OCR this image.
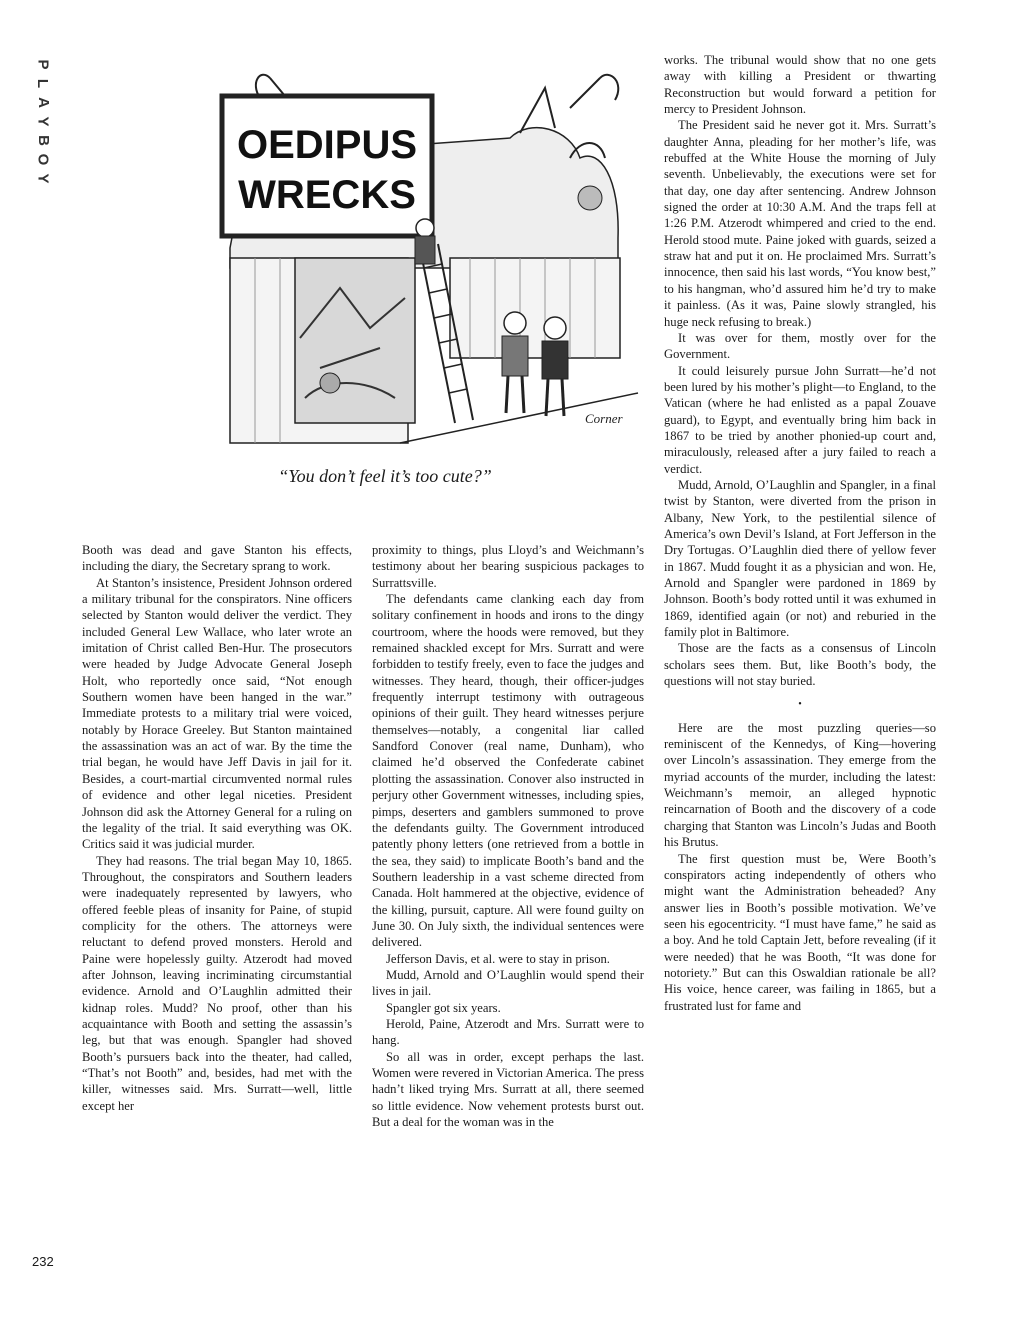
P
L
A
Y
B
O
Y
OEDIPUS
WRECKS
Corner
“You don’t feel it’s too cute?”

Booth was dead and gave Stanton his effects, including the diary, the Secretary sprang to work.

At Stanton’s insistence, President Johnson ordered a military tribunal for the conspirators. Nine officers selected by Stanton would deliver the verdict. They included General Lew Wallace, who later wrote an imitation of Christ called Ben-Hur. The prosecutors were headed by Judge Advocate General Joseph Holt, who reportedly once said, “Not enough Southern women have been hanged in the war.” Immediate protests to a military trial were voiced, notably by Horace Greeley. But Stanton maintained the assassination was an act of war. By the time the trial began, he would have Jeff Davis in jail for it. Besides, a court-martial circumvented normal rules of evidence and other legal niceties. President Johnson did ask the Attorney General for a ruling on the legality of the trial. It said everything was OK. Critics said it was judicial murder.

They had reasons. The trial began May 10, 1865. Throughout, the conspirators and Southern leaders were inadequately represented by lawyers, who offered feeble pleas of insanity for Paine, of stupid complicity for the others. The attorneys were reluctant to defend proved monsters. Herold and Paine were hopelessly guilty. Atzerodt had moved after Johnson, leaving incriminating circumstantial evidence. Arnold and O’Laughlin admitted their kidnap roles. Mudd? No proof, other than his acquaintance with Booth and setting the assassin’s leg, but that was enough. Spangler had shoved Booth’s pursuers back into the theater, had called, “That’s not Booth” and, besides, had met with the killer, witnesses said. Mrs. Surratt—well, little except her

proximity to things, plus Lloyd’s and Weichmann’s testimony about her bearing suspicious packages to Surrattsville.

The defendants came clanking each day from solitary confinement in hoods and irons to the dingy courtroom, where the hoods were removed, but they remained shackled except for Mrs. Surratt and were forbidden to testify freely, even to face the judges and witnesses. They heard, though, their officer-judges frequently interrupt testimony with outrageous opinions of their guilt. They heard witnesses perjure themselves—notably, a congenital liar called Sandford Conover (real name, Dunham), who claimed he’d observed the Confederate cabinet plotting the assassination. Conover also instructed in perjury other Government witnesses, including spies, pimps, deserters and gamblers summoned to prove the defendants guilty. The Government introduced patently phony letters (one retrieved from a bottle in the sea, they said) to implicate Booth’s band and the Southern leadership in a vast scheme directed from Canada. Holt hammered at the objective, evidence of the killing, pursuit, capture. All were found guilty on June 30. On July sixth, the individual sentences were delivered.

Jefferson Davis, et al. were to stay in prison.

Mudd, Arnold and O’Laughlin would spend their lives in jail.

Spangler got six years.

Herold, Paine, Atzerodt and Mrs. Surratt were to hang.

So all was in order, except perhaps the last. Women were revered in Victorian America. The press hadn’t liked trying Mrs. Surratt at all, there seemed so little evidence. Now vehement protests burst out. But a deal for the woman was in the

works. The tribunal would show that no one gets away with killing a President or thwarting Reconstruction but would forward a petition for mercy to President Johnson.

The President said he never got it. Mrs. Surratt’s daughter Anna, pleading for her mother’s life, was rebuffed at the White House the morning of July seventh. Unbelievably, the executions were set for that day, one day after sentencing. Andrew Johnson signed the order at 10:30 A.M. And the traps fell at 1:26 P.M. Atzerodt whimpered and cried to the end. Herold stood mute. Paine joked with guards, seized a straw hat and put it on. He proclaimed Mrs. Surratt’s innocence, then said his last words, “You know best,” to his hangman, who’d assured him he’d try to make it painless. (As it was, Paine slowly strangled, his huge neck refusing to break.)

It was over for them, mostly over for the Government.

It could leisurely pursue John Surratt—he’d not been lured by his mother’s plight—to England, to the Vatican (where he had enlisted as a papal Zouave guard), to Egypt, and eventually bring him back in 1867 to be tried by another phonied-up court and, miraculously, released after a jury failed to reach a verdict.

Mudd, Arnold, O’Laughlin and Spangler, in a final twist by Stanton, were diverted from the prison in Albany, New York, to the pestilential silence of America’s own Devil’s Island, at Fort Jefferson in the Dry Tortugas. O’Laughlin died there of yellow fever in 1867. Mudd fought it as a physician and won. He, Arnold and Spangler were pardoned in 1869 by Johnson. Booth’s body rotted until it was exhumed in 1869, identified again (or not) and reburied in the family plot in Baltimore.

Those are the facts as a consensus of Lincoln scholars sees them. But, like Booth’s body, the questions will not stay buried.

•

Here are the most puzzling queries—so reminiscent of the Kennedys, of King—hovering over Lincoln’s assassination. They emerge from the myriad accounts of the murder, including the latest: Weichmann’s memoir, an alleged hypnotic reincarnation of Booth and the discovery of a code charging that Stanton was Lincoln’s Judas and Booth his Brutus.

The first question must be, Were Booth’s conspirators acting independently of others who might want the Administration beheaded? Any answer lies in Booth’s possible motivation. We’ve seen his egocentricity. “I must have fame,” he said as a boy. And he told Captain Jett, before revealing (if it were needed) that he was Booth, “It was done for notoriety.” But can this Oswaldian rationale be all? His voice, hence career, was failing in 1865, but a frustrated lust for fame and

232
